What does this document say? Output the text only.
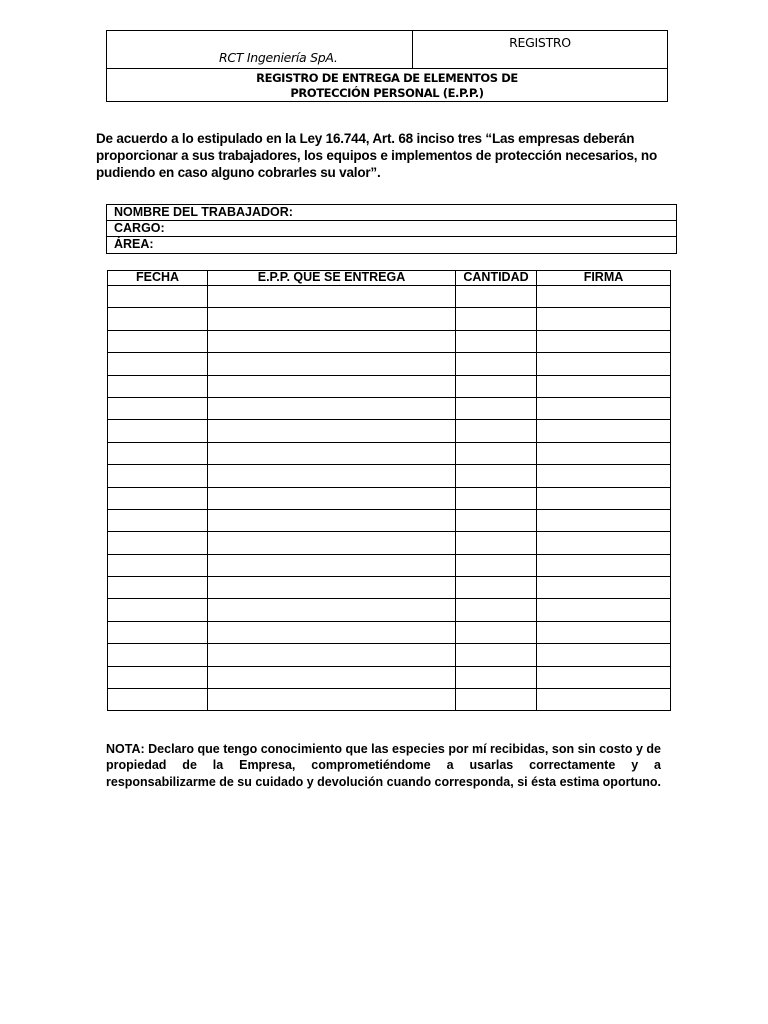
RCT Ingeniería SpA.
REGISTRO
REGISTRO DE ENTREGA DE ELEMENTOS DE
PROTECCIÓN PERSONAL (E.P.P.)
De acuerdo a lo estipulado en la Ley 16.744, Art. 68 inciso tres “Las empresas deberán proporcionar a sus trabajadores, los equipos e implementos de protección necesarios, no pudiendo en caso alguno cobrarles su valor”.
NOMBRE DEL TRABAJADOR:
CARGO:
ÁREA:
FECHA	E.P.P. QUE SE ENTREGA	CANTIDAD	FIRMA

NOTA: Declaro que tengo conocimiento que las especies por mí recibidas, son sin costo y de propiedad de la Empresa, comprometiéndome a usarlas correctamente y a responsabilizarme de su cuidado y devolución cuando corresponda, si ésta estima oportuno.
